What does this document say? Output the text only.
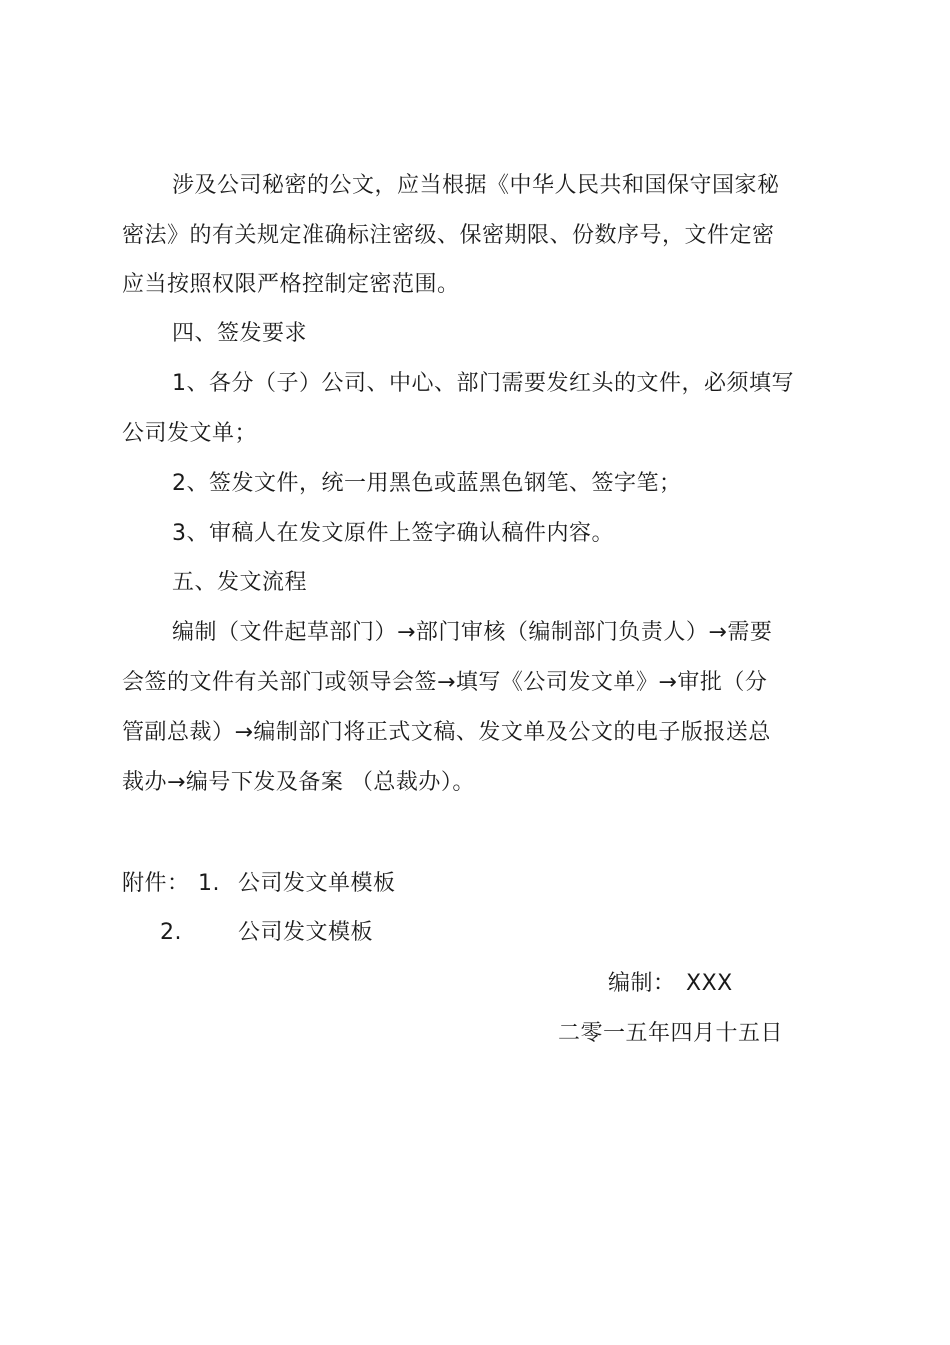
涉及公司秘密的公文，应当根据《中华人民共和国保守国家秘
密法》的有关规定准确标注密级、保密期限、份数序号，文件定密
应当按照权限严格控制定密范围。
四、签发要求
1、各分（子）公司、中心、部门需要发红头的文件，必须填写
公司发文单；
2、签发文件，统一用黑色或蓝黑色钢笔、签字笔；
3、审稿人在发文原件上签字确认稿件内容。
五、发文流程
编制（文件起草部门）→部门审核（编制部门负责人）→需要
会签的文件有关部门或领导会签→填写《公司发文单》→审批（分
管副总裁）→编制部门将正式文稿、发文单及公文的电子版报送总
裁办→编号下发及备案 （总裁办）。
附件： 1. 公司发文单模板
2.	公司发文模板
编制： XXX
二零一五年四月十五日
